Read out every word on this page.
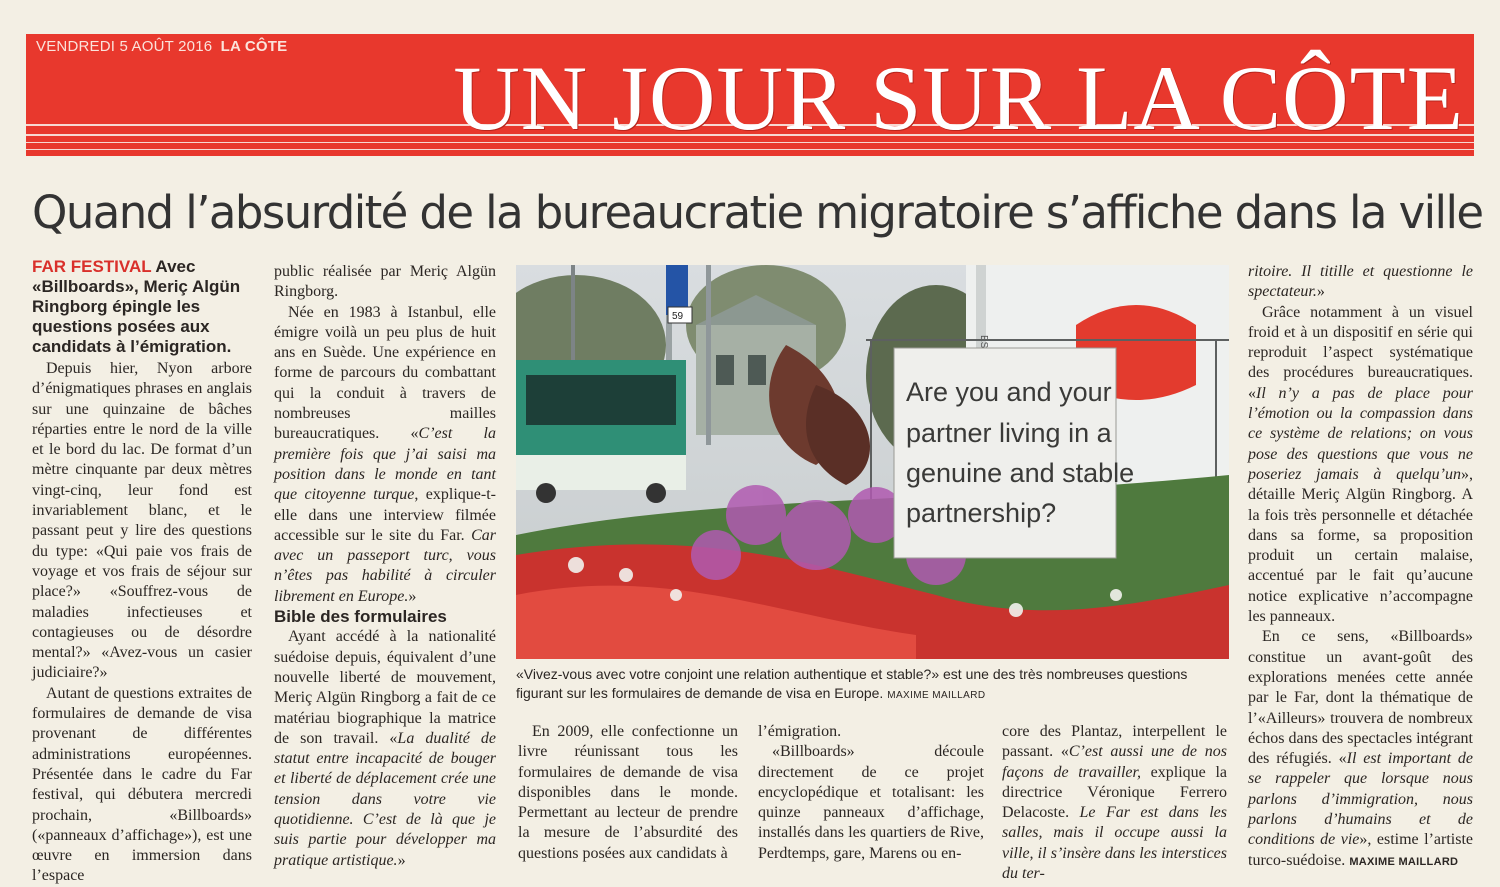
VENDREDI 5 AOÛT 2016 LA CÔTE
UN JOUR SUR LA CÔTE
Quand l’absurdité de la bureaucratie migratoire s’affiche dans la ville

FAR FESTIVAL Avec «Billboards», Meriç Algün Ringborg épingle les questions posées aux candidats à l’émigration.

Depuis hier, Nyon arbore d’énigmatiques phrases en anglais sur une quinzaine de bâches réparties entre le nord de la ville et le bord du lac. De format d’un mètre cinquante par deux mètres vingt-cinq, leur fond est invariablement blanc, et le passant peut y lire des questions du type: «Qui paie vos frais de voyage et vos frais de séjour sur place?» «Souffrez-vous de maladies infectieuses et contagieuses ou de désordre mental?» «Avez-vous un casier judiciaire?»

Autant de questions extraites de formulaires de demande de visa provenant de différentes administrations européennes. Présentée dans le cadre du Far festival, qui débutera mercredi prochain, «Billboards» («panneaux d’affichage»), est une œuvre en immersion dans l’espace

public réalisée par Meriç Algün Ringborg.

Née en 1983 à Istanbul, elle émigre voilà un peu plus de huit ans en Suède. Une expérience en forme de parcours du combattant qui la conduit à travers de nombreuses mailles bureaucratiques. «C’est la première fois que j’ai saisi ma position dans le monde en tant que citoyenne turque, explique-t-elle dans une interview filmée accessible sur le site du Far. Car avec un passeport turc, vous n’êtes pas habilité à circuler librement en Europe.»

Bible des formulaires

Ayant accédé à la nationalité suédoise depuis, équivalent d’une nouvelle liberté de mouvement, Meriç Algün Ringborg a fait de ce matériau biographique la matrice de son travail. «La dualité de statut entre incapacité de bouger et liberté de déplacement crée une tension dans votre vie quotidienne. C’est de là que je suis partie pour développer ma pratique artistique.»

59
Are you and your
partner living in a
genuine and stable
partnership?
«Vivez-vous avec votre conjoint une relation authentique et stable?» est une des très nombreuses questions figurant sur les formulaires de demande de visa en Europe. MAXIME MAILLARD

En 2009, elle confectionne un livre réunissant tous les formulaires de demande de visa disponibles dans le monde. Permettant au lecteur de prendre la mesure de l’absurdité des questions posées aux candidats à

l’émigration.

«Billboards» découle directement de ce projet encyclopédique et totalisant: les quinze panneaux d’affichage, installés dans les quartiers de Rive, Perdtemps, gare, Marens ou en-

core des Plantaz, interpellent le passant. «C’est aussi une de nos façons de travailler, explique la directrice Véronique Ferrero Delacoste. Le Far est dans les salles, mais il occupe aussi la ville, il s’insère dans les interstices du ter-

ritoire. Il titille et questionne le spectateur.»

Grâce notamment à un visuel froid et à un dispositif en série qui reproduit l’aspect systématique des procédures bureaucratiques. «Il n’y a pas de place pour l’émotion ou la compassion dans ce système de relations; on vous pose des questions que vous ne poseriez jamais à quelqu’un», détaille Meriç Algün Ringborg. A la fois très personnelle et détachée dans sa forme, sa proposition produit un certain malaise, accentué par le fait qu’aucune notice explicative n’accompagne les panneaux.

En ce sens, «Billboards» constitue un avant-goût des explorations menées cette année par le Far, dont la thématique de l’«Ailleurs» trouvera de nombreux échos dans des spectacles intégrant des réfugiés. «Il est important de se rappeler que lorsque nous parlons d’immigration, nous parlons d’humains et de conditions de vie», estime l’artiste turco-suédoise. MAXIME MAILLARD
